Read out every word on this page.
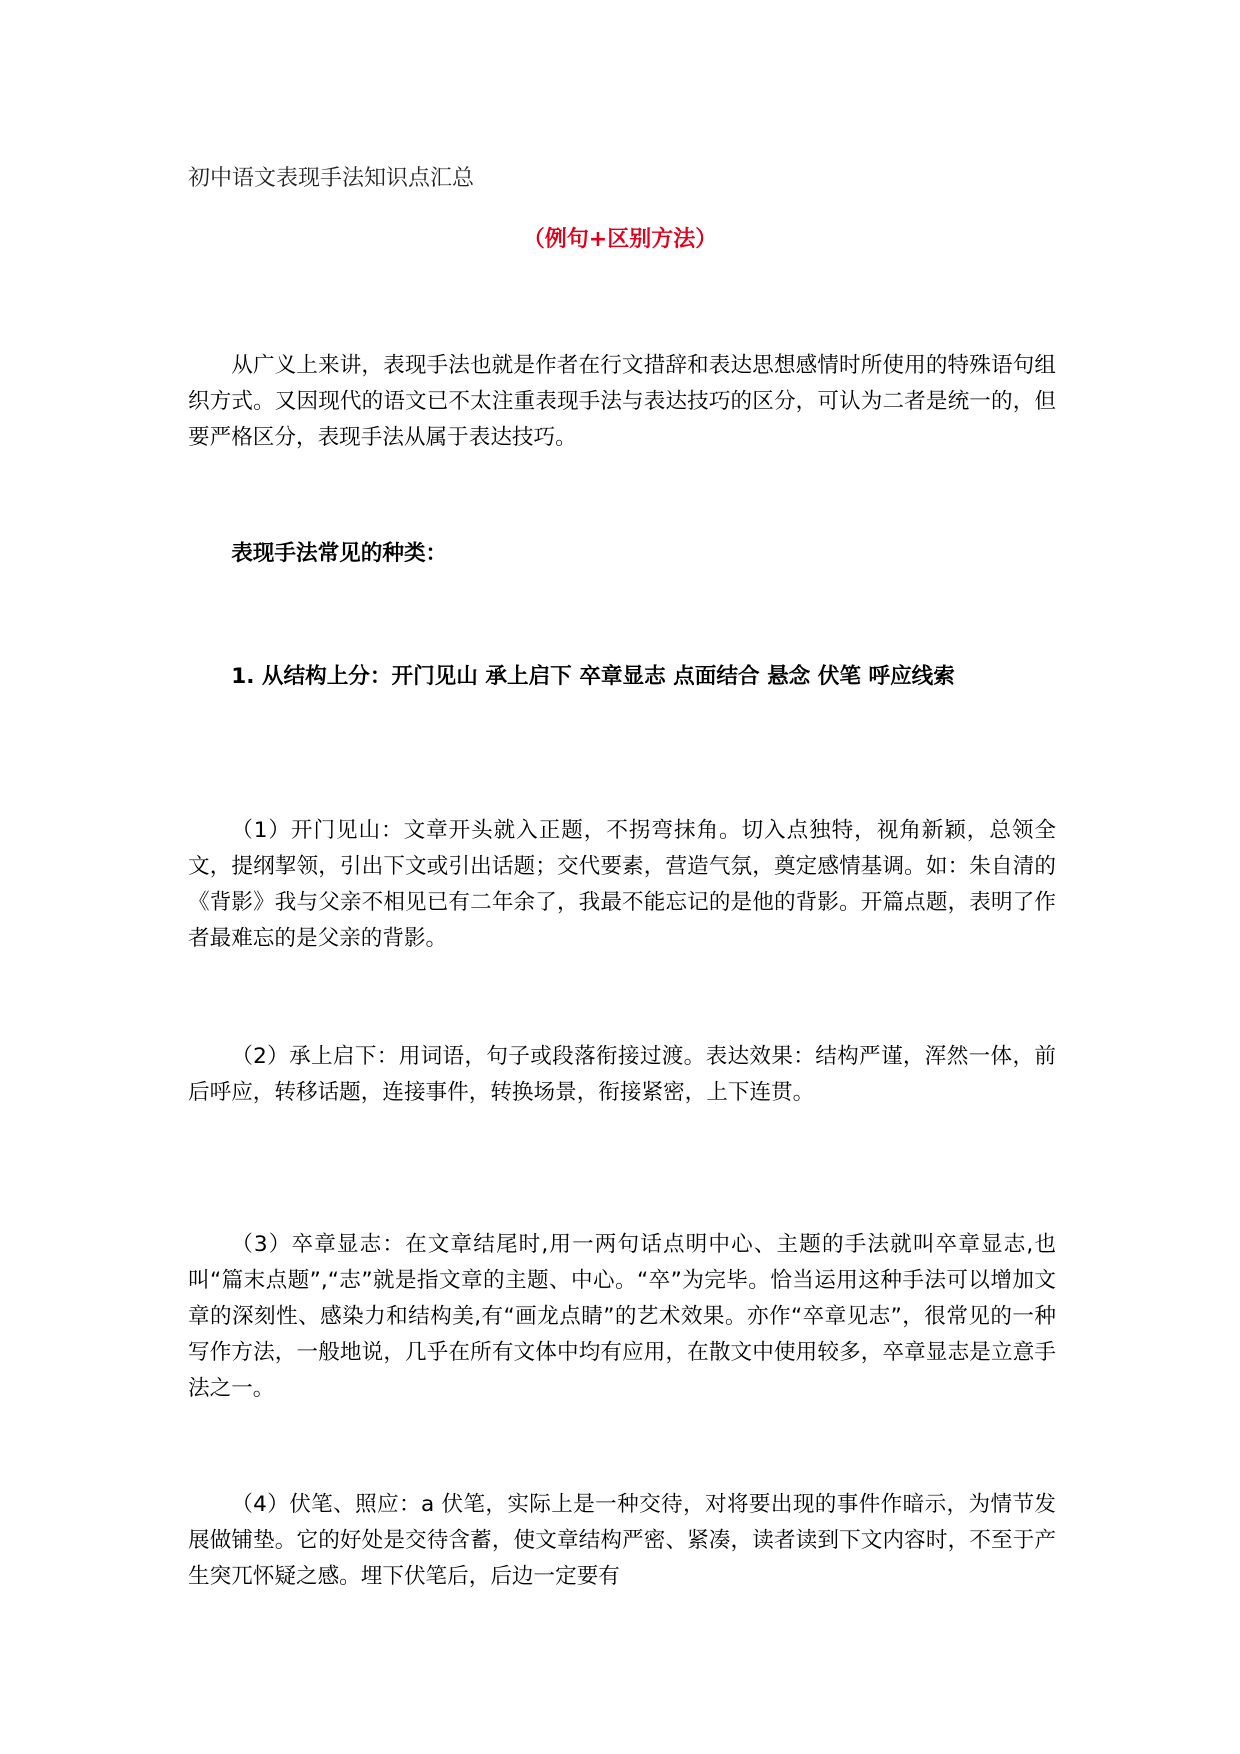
初中语文表现手法知识点汇总
（例句+区别方法）
从广义上来讲，表现手法也就是作者在行文措辞和表达思想感情时所使用的特殊语句组织方式。又因现代的语文已不太注重表现手法与表达技巧的区分，可认为二者是统一的，但要严格区分，表现手法从属于表达技巧。
表现手法常见的种类：
1. 从结构上分：开门见山 承上启下 卒章显志 点面结合 悬念 伏笔 呼应线索
（1）开门见山：文章开头就入正题，不拐弯抹角。切入点独特，视角新颖，总领全文，提纲挈领，引出下文或引出话题；交代要素，营造气氛，奠定感情基调。如：朱自清的《背影》我与父亲不相见已有二年余了，我最不能忘记的是他的背影。开篇点题，表明了作者最难忘的是父亲的背影。
（2）承上启下：用词语，句子或段落衔接过渡。表达效果：结构严谨，浑然一体，前后呼应，转移话题，连接事件，转换场景，衔接紧密，上下连贯。
（3）卒章显志：在文章结尾时,用一两句话点明中心、主题的手法就叫卒章显志,也叫“篇末点题”,“志”就是指文章的主题、中心。“卒”为完毕。恰当运用这种手法可以增加文章的深刻性、感染力和结构美,有“画龙点睛”的艺术效果。亦作“卒章见志”，很常见的一种写作方法，一般地说，几乎在所有文体中均有应用，在散文中使用较多，卒章显志是立意手法之一。
（4）伏笔、照应：a 伏笔，实际上是一种交待，对将要出现的事件作暗示，为情节发展做铺垫。它的好处是交待含蓄，使文章结构严密、紧凑，读者读到下文内容时，不至于产生突兀怀疑之感。埋下伏笔后，后边一定要有
